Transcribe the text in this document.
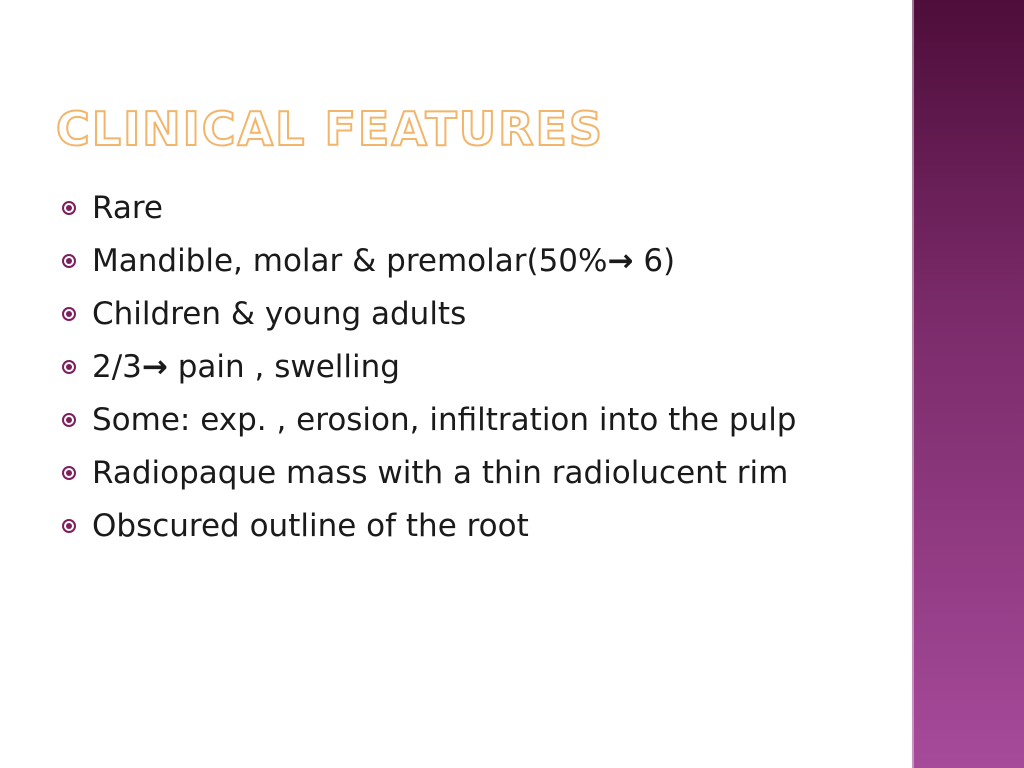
CLINICAL FEATURES
Rare
Mandible, molar & premolar(50%→ 6)
Children & young adults
2/3→ pain , swelling
Some: exp. , erosion, infiltration into the pulp
Radiopaque mass with a thin radiolucent rim
Obscured outline of the root
